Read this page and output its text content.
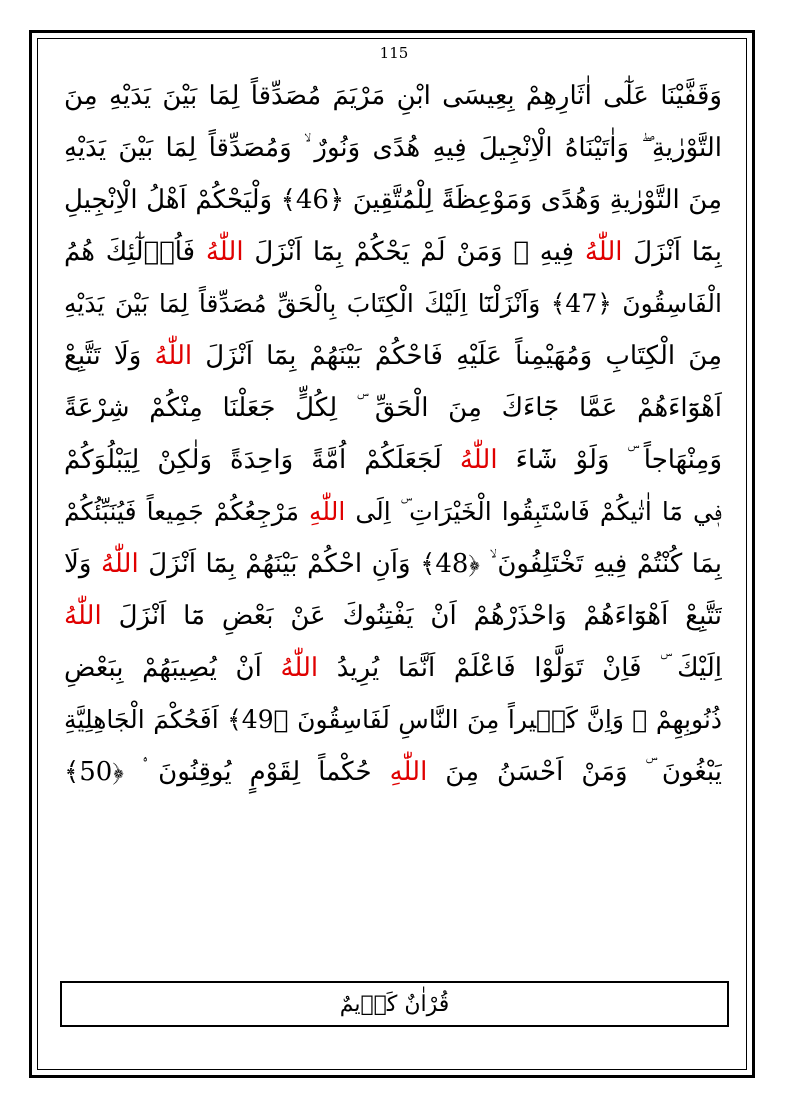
115
وَقَفَّيْنَا عَلٰٓى اٰثَارِهِمْ بِعِيسَى ابْنِ مَرْيَمَ مُصَدِّقاً لِمَا بَيْنَ يَدَيْهِ مِنَ
التَّوْرٰيةِ ۖ وَاٰتَيْنَاهُ الْاِنْجِيلَ فِيهِ هُدًى وَنُورٌ ۙ وَمُصَدِّقاً لِمَا بَيْنَ يَدَيْهِ
مِنَ التَّوْرٰيةِ وَهُدًى وَمَوْعِظَةً لِلْمُتَّقِينَ ﴿46﴾ وَلْيَحْكُمْ اَهْلُ الْاِنْجِيلِ
بِمَٓا اَنْزَلَ اللّٰهُ فِيهِ ۜ وَمَنْ لَمْ يَحْكُمْ بِمَٓا اَنْزَلَ اللّٰهُ فَاُو۬لٰٓئِكَ هُمُ
الْفَاسِقُونَ ﴿47﴾ وَاَنْزَلْنَٓا اِلَيْكَ الْكِتَابَ بِالْحَقِّ مُصَدِّقاً لِمَا بَيْنَ يَدَيْهِ
مِنَ الْكِتَابِ وَمُهَيْمِناً عَلَيْهِ فَاحْكُمْ بَيْنَهُمْ بِمَٓا اَنْزَلَ اللّٰهُ وَلَا تَتَّبِعْ
اَهْوَٓاءَهُمْ عَمَّا جَٓاءَكَ مِنَ الْحَقِّ ۜ لِكُلٍّ جَعَلْنَا مِنْكُمْ شِرْعَةً
وَمِنْهَاجاً ۜ وَلَوْ شَٓاءَ اللّٰهُ لَجَعَلَكُمْ اُمَّةً وَاحِدَةً وَلٰكِنْ لِيَبْلُوَكُمْ
فٖي مَٓا اٰتٰيكُمْ فَاسْتَبِقُوا الْخَيْرَاتِ ۜ اِلَى اللّٰهِ مَرْجِعُكُمْ جَمِيعاً فَيُنَبِّئُكُمْ
بِمَا كُنْتُمْ فِيهِ تَخْتَلِفُونَ ۙ ﴿48﴾ وَاَنِ احْكُمْ بَيْنَهُمْ بِمَٓا اَنْزَلَ اللّٰهُ وَلَا
تَتَّبِعْ اَهْوَٓاءَهُمْ وَاحْذَرْهُمْ اَنْ يَفْتِنُوكَ عَنْ بَعْضِ مَٓا اَنْزَلَ اللّٰهُ
اِلَيْكَ ۜ فَاِنْ تَوَلَّوْا فَاعْلَمْ اَنَّمَا يُرِيدُ اللّٰهُ اَنْ يُصِيبَهُمْ بِبَعْضِ
ذُنُوبِهِمْ ۜ وَاِنَّ كَثٖيراً مِنَ النَّاسِ لَفَاسِقُونَ ﴿49﴾ اَفَحُكْمَ الْجَاهِلِيَّةِ
يَبْغُونَ ۜ وَمَنْ اَحْسَنُ مِنَ اللّٰهِ حُكْماً لِقَوْمٍ يُوقِنُونَ ۟ ﴿50﴾
قُرْاٰنٌ كَرٖيمٌ
